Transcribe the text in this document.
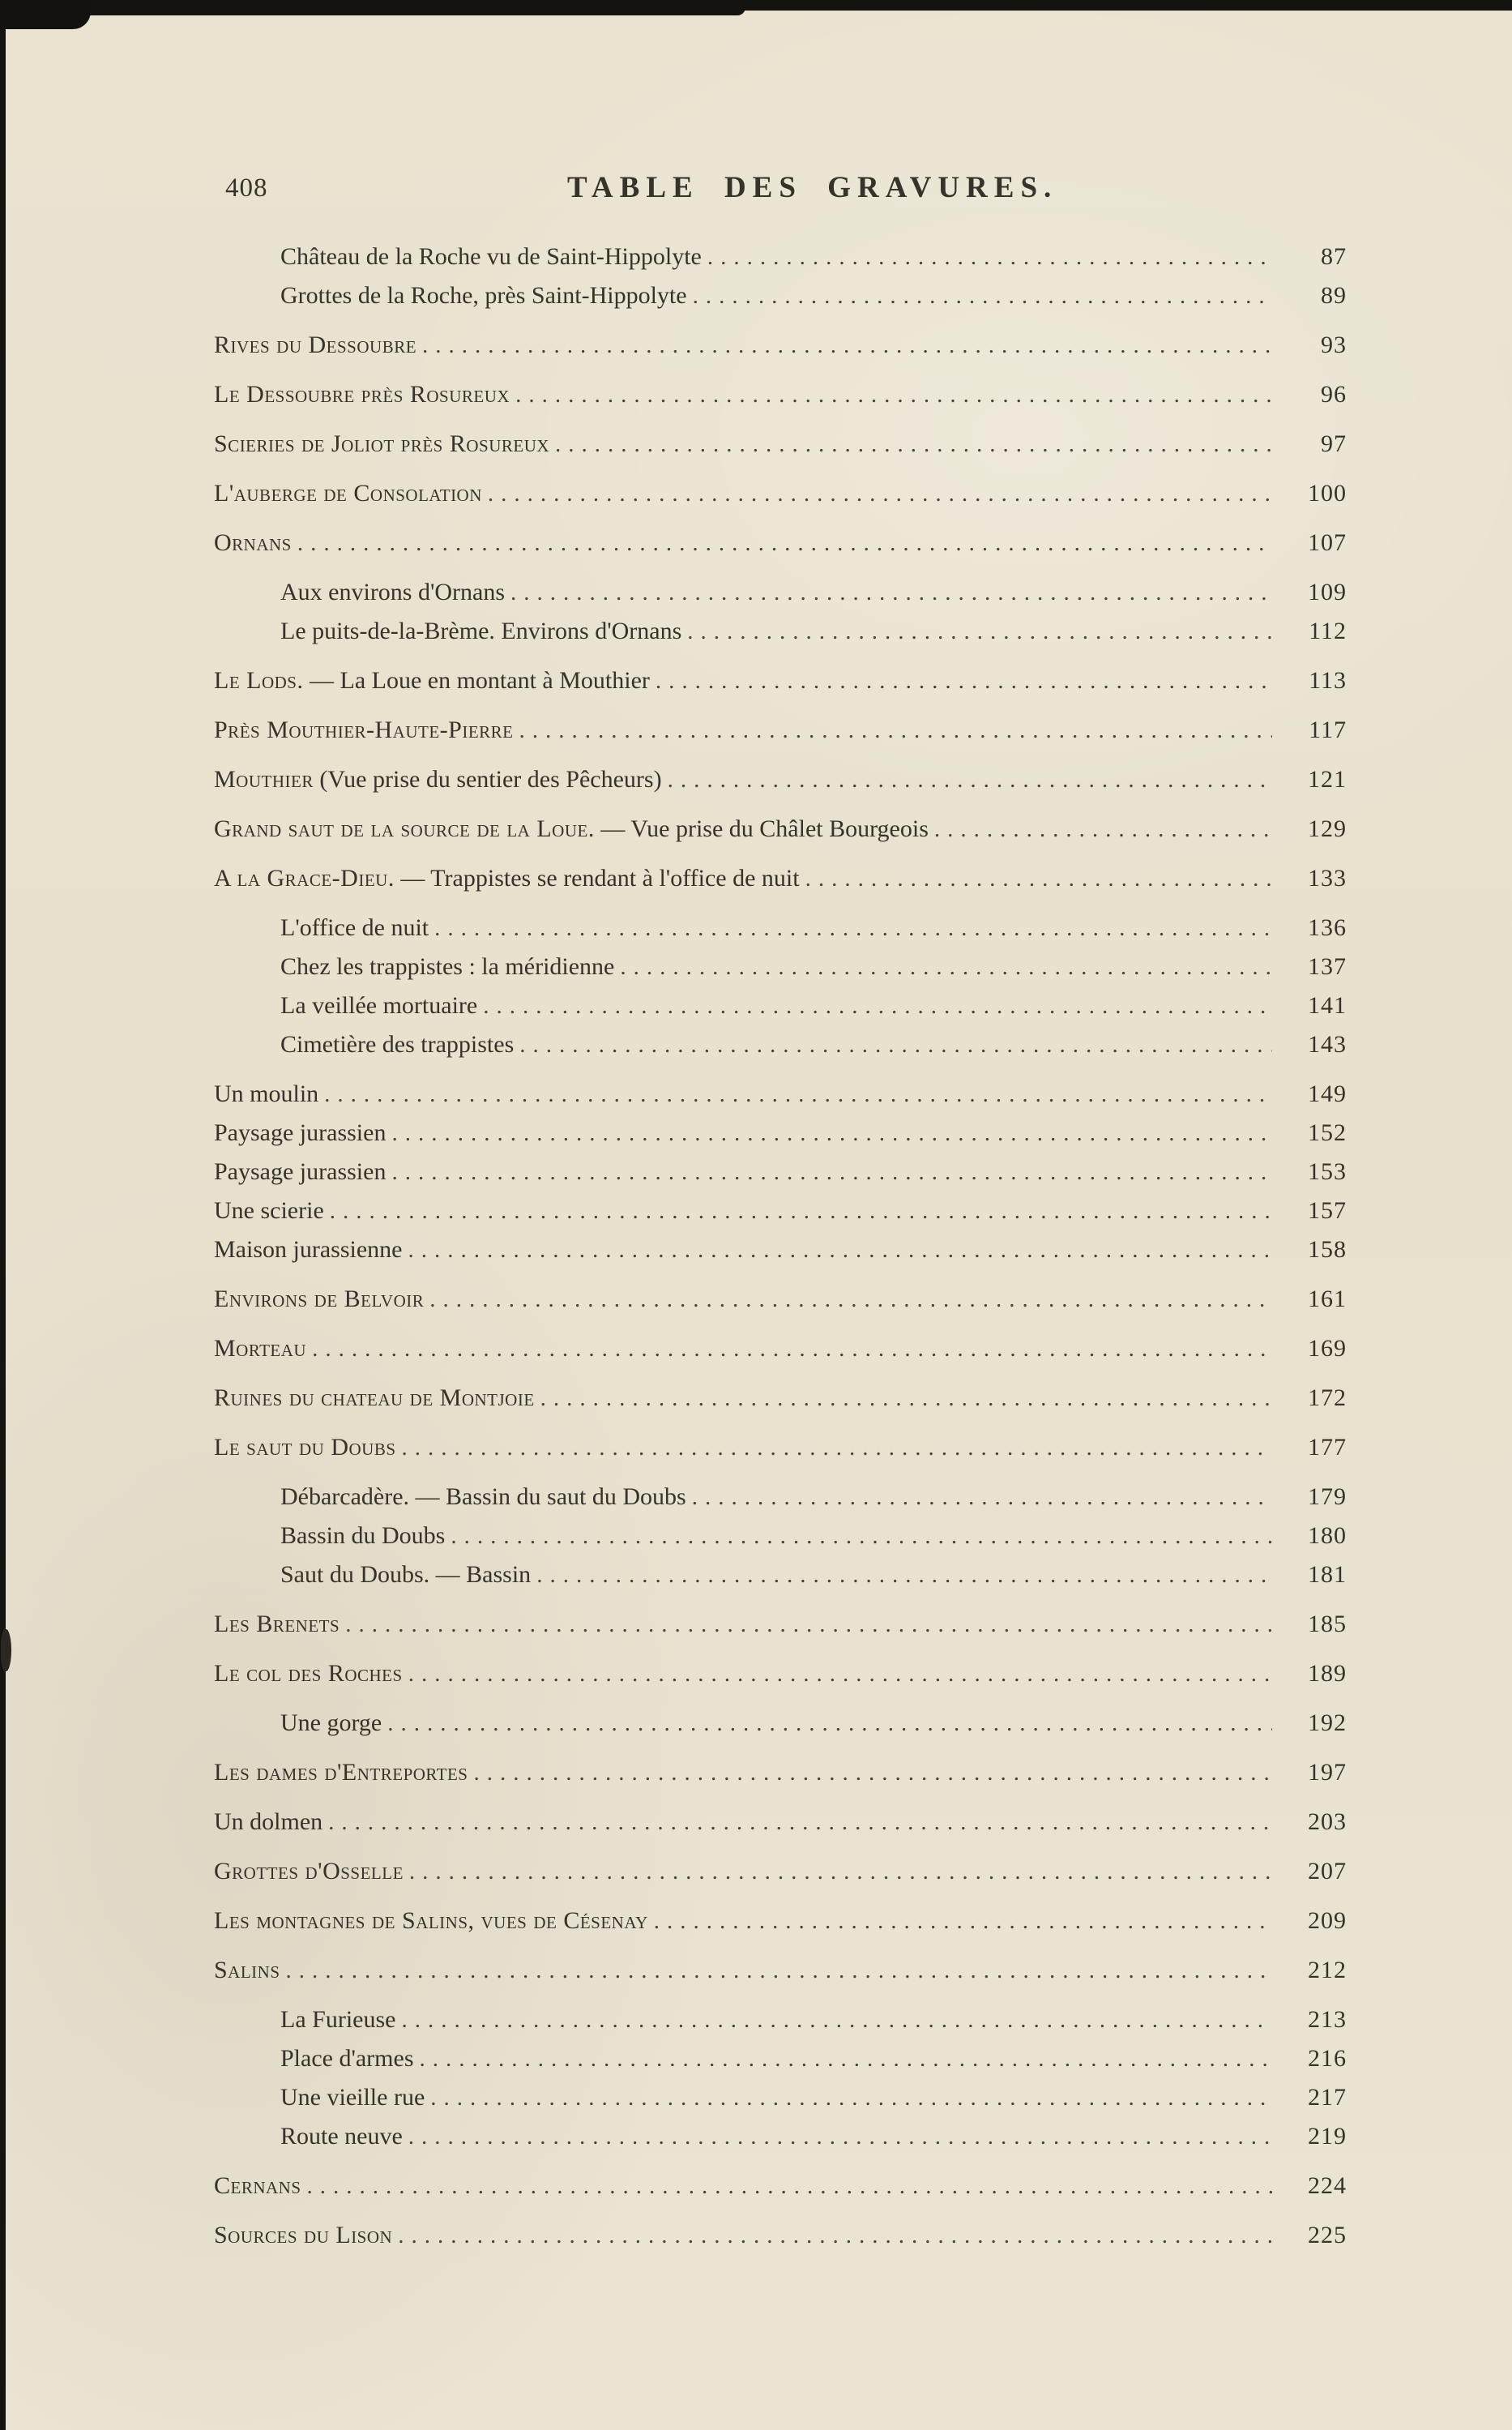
408	TABLE DES GRAVURES.
Château de la Roche vu de Saint-Hippolyte .....	87
Grottes de la Roche, près Saint-Hippolyte .....	89
Rives du Dessoubre .....	93
Le Dessoubre près Rosureux .....	96
Scieries de Joliot près Rosureux .....	97
L'auberge de Consolation .....	100
Ornans .....	107
Aux environs d'Ornans .....	109
Le puits-de-la-Brème. Environs d'Ornans .....	112
Le Lods. — La Loue en montant à Mouthier .....	113
Près Mouthier-Haute-Pierre .....	117
Mouthier (Vue prise du sentier des Pêcheurs) .....	121
Grand saut de la source de la Loue. — Vue prise du Châlet Bourgeois .....	129
A la Grace-Dieu. — Trappistes se rendant à l'office de nuit .....	133
L'office de nuit .....	136
Chez les trappistes : la méridienne .....	137
La veillée mortuaire .....	141
Cimetière des trappistes .....	143
Un moulin .....	149
Paysage jurassien .....	152
Paysage jurassien .....	153
Une scierie .....	157
Maison jurassienne .....	158
Environs de Belvoir .....	161
Morteau .....	169
Ruines du chateau de Montjoie .....	172
Le saut du Doubs .....	177
Débarcadère. — Bassin du saut du Doubs .....	179
Bassin du Doubs .....	180
Saut du Doubs. — Bassin .....	181
Les Brenets .....	185
Le col des Roches .....	189
Une gorge .....	192
Les dames d'Entreportes .....	197
Un dolmen .....	203
Grottes d'Osselle .....	207
Les montagnes de Salins, vues de Césenay .....	209
Salins .....	212
La Furieuse .....	213
Place d'armes .....	216
Une vieille rue .....	217
Route neuve .....	219
Cernans .....	224
Sources du Lison .....	225
